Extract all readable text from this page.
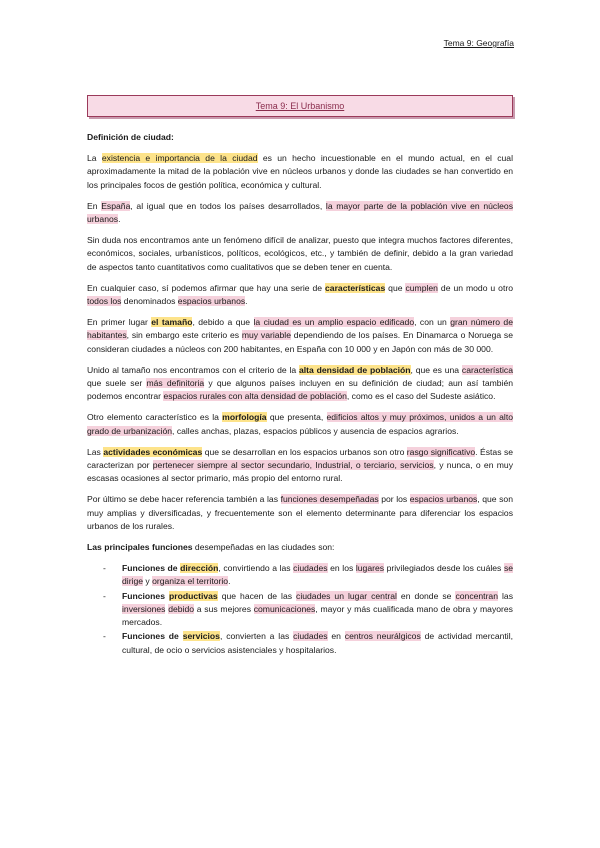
Tema 9: Geografía
Tema 9: El Urbanismo

Definición de ciudad:

La existencia e importancia de la ciudad es un hecho incuestionable en el mundo actual, en el cual aproximadamente la mitad de la población vive en núcleos urbanos y donde las ciudades se han convertido en los principales focos de gestión política, económica y cultural.

En España, al igual que en todos los países desarrollados, la mayor parte de la población vive en núcleos urbanos.

Sin duda nos encontramos ante un fenómeno difícil de analizar, puesto que integra muchos factores diferentes, económicos, sociales, urbanísticos, políticos, ecológicos, etc., y también de definir, debido a la gran variedad de aspectos tanto cuantitativos como cualitativos que se deben tener en cuenta.

En cualquier caso, sí podemos afirmar que hay una serie de características que cumplen de un modo u otro todos los denominados espacios urbanos.

En primer lugar el tamaño, debido a que la ciudad es un amplio espacio edificado, con un gran número de habitantes, sin embargo este criterio es muy variable dependiendo de los países. En Dinamarca o Noruega se consideran ciudades a núcleos con 200 habitantes, en España con 10 000 y en Japón con más de 30 000.

Unido al tamaño nos encontramos con el criterio de la alta densidad de población, que es una característica que suele ser más definitoria y que algunos países incluyen en su definición de ciudad; aun así también podemos encontrar espacios rurales con alta densidad de población, como es el caso del Sudeste asiático.

Otro elemento característico es la morfología que presenta, edificios altos y muy próximos, unidos a un alto grado de urbanización, calles anchas, plazas, espacios públicos y ausencia de espacios agrarios.

Las actividades económicas que se desarrollan en los espacios urbanos son otro rasgo significativo. Éstas se caracterizan por pertenecer siempre al sector secundario, Industrial, o terciario, servicios, y nunca, o en muy escasas ocasiones al sector primario, más propio del entorno rural.

Por último se debe hacer referencia también a las funciones desempeñadas por los espacios urbanos, que son muy amplias y diversificadas, y frecuentemente son el elemento determinante para diferenciar los espacios urbanos de los rurales.

Las principales funciones desempeñadas en las ciudades son:

- Funciones de dirección, convirtiendo a las ciudades en los lugares privilegiados desde los cuáles se dirige y organiza el territorio.
- Funciones productivas que hacen de las ciudades un lugar central en donde se concentran las inversiones debido a sus mejores comunicaciones, mayor y más cualificada mano de obra y mayores mercados.
- Funciones de servicios, convierten a las ciudades en centros neurálgicos de actividad mercantil, cultural, de ocio o servicios asistenciales y hospitalarios.
